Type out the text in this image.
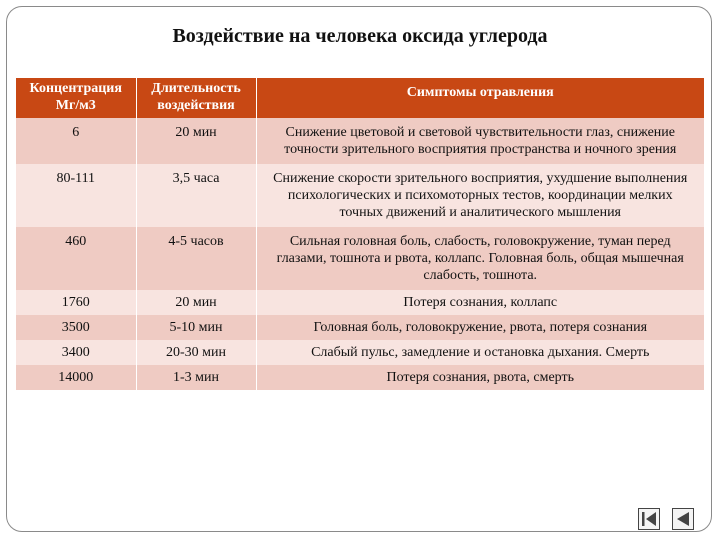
Воздействие на человека оксида углерода
Концентрация Мг/м3	Длительность воздействия	Симптомы отравления
6	20 мин	Снижение цветовой и световой чувствительности глаз, снижение точности зрительного восприятия пространства и ночного зрения
80-111	3,5 часа	Снижение скорости зрительного восприятия, ухудшение выполнения психологических и психомоторных тестов, координации мелких точных движений и аналитического мышления
460	4-5 часов	Сильная головная боль, слабость, головокружение, туман перед глазами, тошнота и рвота, коллапс. Головная боль, общая мышечная слабость, тошнота.
1760	20 мин	Потеря сознания, коллапс
3500	5-10 мин	Головная боль, головокружение, рвота, потеря сознания
3400	20-30 мин	Слабый пульс, замедление и остановка дыхания. Смерть
14000	1-3 мин	Потеря сознания, рвота, смерть
